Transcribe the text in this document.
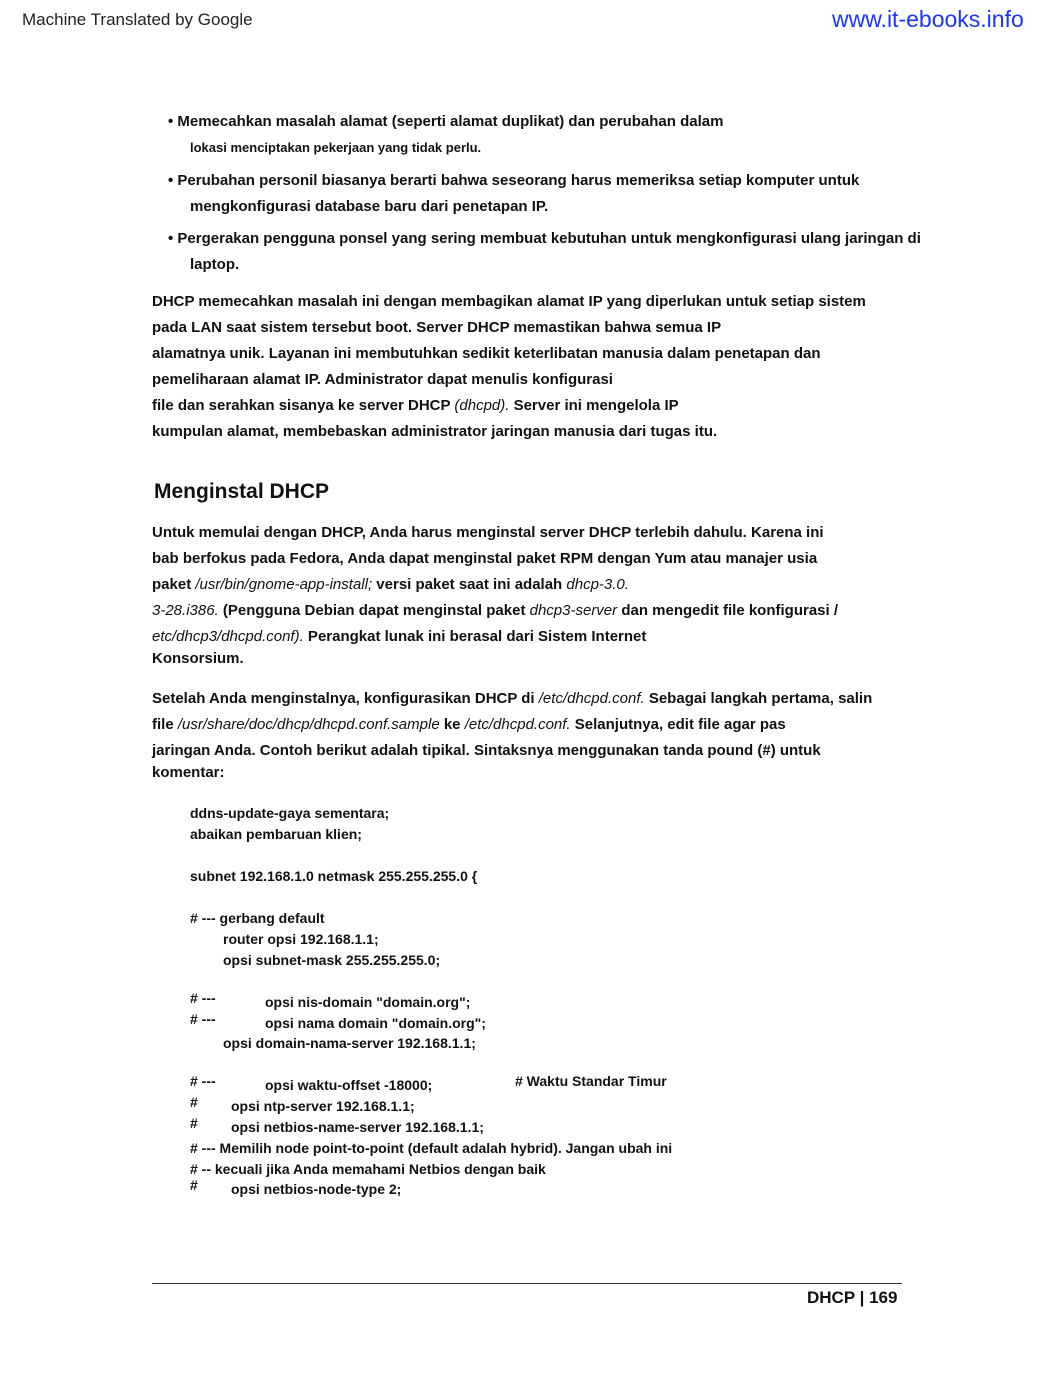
Machine Translated by Google	www.it-ebooks.info
• Memecahkan masalah alamat (seperti alamat duplikat) dan perubahan dalam
lokasi menciptakan pekerjaan yang tidak perlu.
• Perubahan personil biasanya berarti bahwa seseorang harus memeriksa setiap komputer untuk
mengkonfigurasi database baru dari penetapan IP.
• Pergerakan pengguna ponsel yang sering membuat kebutuhan untuk mengkonfigurasi ulang jaringan di
laptop.
DHCP memecahkan masalah ini dengan membagikan alamat IP yang diperlukan untuk setiap sistem
pada LAN saat sistem tersebut boot. Server DHCP memastikan bahwa semua IP
alamatnya unik. Layanan ini membutuhkan sedikit keterlibatan manusia dalam penetapan dan
pemeliharaan alamat IP. Administrator dapat menulis konfigurasi
file dan serahkan sisanya ke server DHCP (dhcpd). Server ini mengelola IP
kumpulan alamat, membebaskan administrator jaringan manusia dari tugas itu.
Menginstal DHCP
Untuk memulai dengan DHCP, Anda harus menginstal server DHCP terlebih dahulu. Karena ini
bab berfokus pada Fedora, Anda dapat menginstal paket RPM dengan Yum atau manajer usia
paket /usr/bin/gnome-app-install; versi paket saat ini adalah dhcp-3.0.
3-28.i386. (Pengguna Debian dapat menginstal paket dhcp3-server dan mengedit file konfigurasi /
etc/dhcp3/dhcpd.conf). Perangkat lunak ini berasal dari Sistem Internet
Konsorsium.
Setelah Anda menginstalnya, konfigurasikan DHCP di /etc/dhcpd.conf. Sebagai langkah pertama, salin
file /usr/share/doc/dhcp/dhcpd.conf.sample ke /etc/dhcpd.conf. Selanjutnya, edit file agar pas
jaringan Anda. Contoh berikut adalah tipikal. Sintaksnya menggunakan tanda pound (#) untuk
komentar:
ddns-update-gaya sementara;
abaikan pembaruan klien;
subnet 192.168.1.0 netmask 255.255.255.0 {
# --- gerbang default
router opsi 192.168.1.1;
opsi subnet-mask 255.255.255.0;
# ---	opsi nis-domain "domain.org";
# ---	opsi nama domain "domain.org";
opsi domain-nama-server 192.168.1.1;
# ---	opsi waktu-offset -18000;	# Waktu Standar Timur
# opsi ntp-server 192.168.1.1;
# opsi netbios-name-server 192.168.1.1;
# --- Memilih node point-to-point (default adalah hybrid). Jangan ubah ini
# -- kecuali jika Anda memahami Netbios dengan baik
# opsi netbios-node-type 2;
DHCP | 169
